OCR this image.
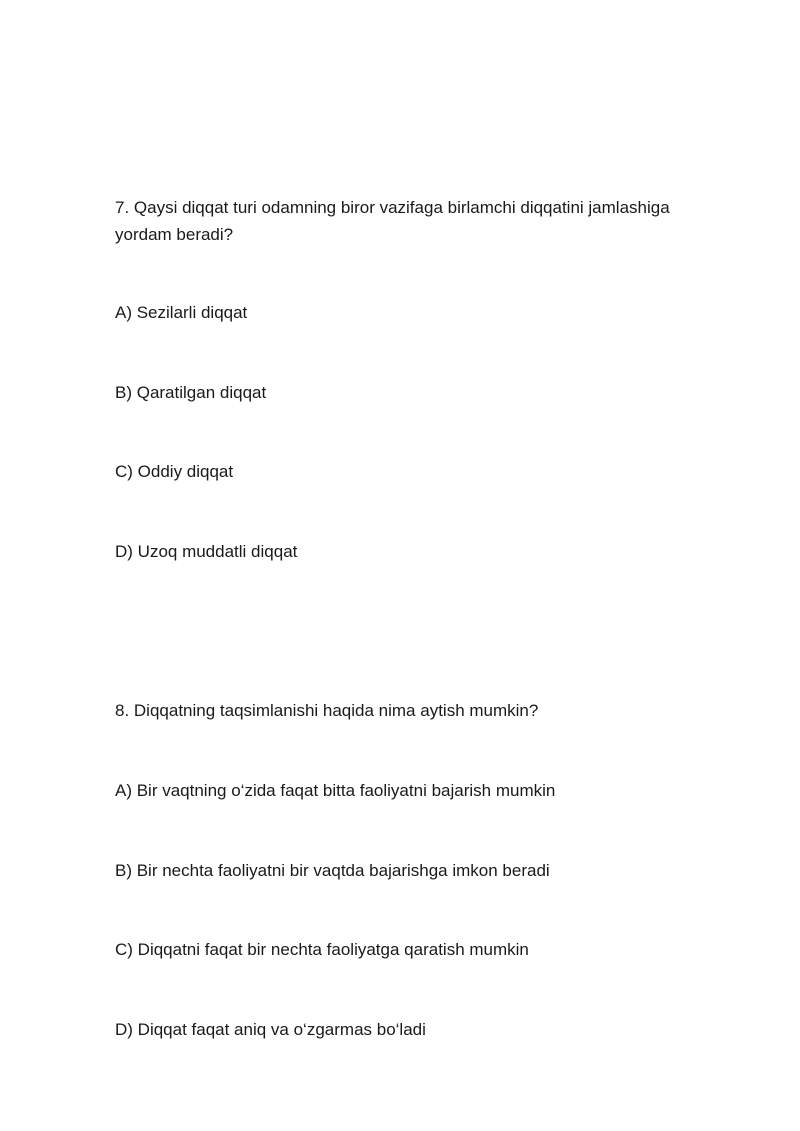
7. Qaysi diqqat turi odamning biror vazifaga birlamchi diqqatini jamlashiga
yordam beradi?
A) Sezilarli diqqat
B) Qaratilgan diqqat
C) Oddiy diqqat
D) Uzoq muddatli diqqat
8. Diqqatning taqsimlanishi haqida nima aytish mumkin?
A) Bir vaqtning o‘zida faqat bitta faoliyatni bajarish mumkin
B) Bir nechta faoliyatni bir vaqtda bajarishga imkon beradi
C) Diqqatni faqat bir nechta faoliyatga qaratish mumkin
D) Diqqat faqat aniq va o‘zgarmas bo‘ladi
